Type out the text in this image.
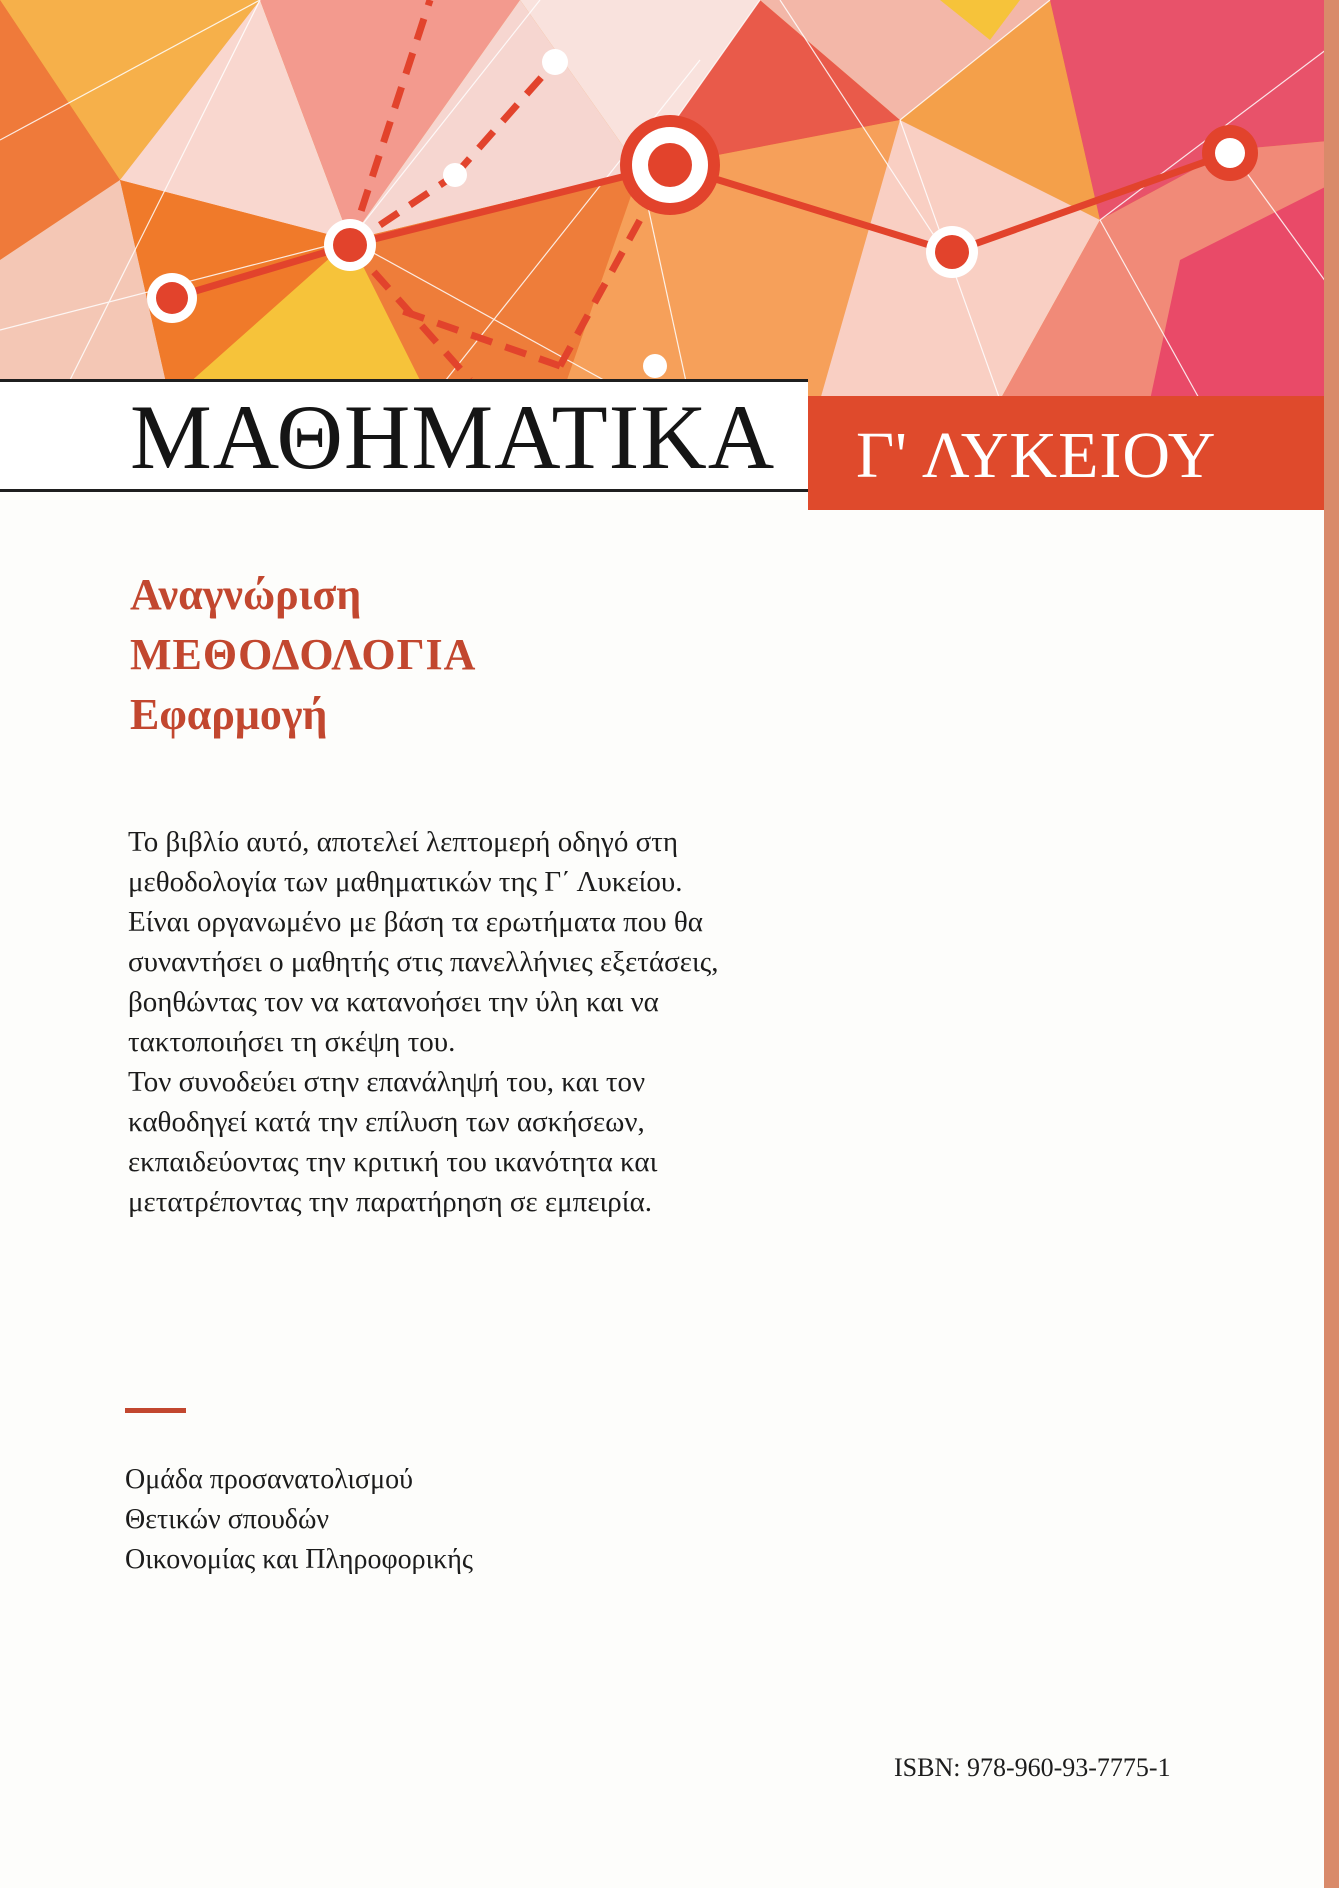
Γ' ΛΥΚΕΙΟΥ
ΜΑΘΗΜΑΤΙΚΑ
Αναγνώριση
ΜΕΘΟΔΟΛΟΓΙΑ
Εφαρμογή
Το βιβλίο αυτό, αποτελεί λεπτομερή οδηγό στη
μεθοδολογία των μαθηματικών της Γ΄ Λυκείου.
Είναι οργανωμένο με βάση τα ερωτήματα που θα
συναντήσει ο μαθητής στις πανελλήνιες εξετάσεις,
βοηθώντας τον να κατανοήσει την ύλη και να
τακτοποιήσει τη σκέψη του.
Τον συνοδεύει στην επανάληψή του, και τον
καθοδηγεί κατά την επίλυση των ασκήσεων,
εκπαιδεύοντας την κριτική του ικανότητα και
μετατρέποντας την παρατήρηση σε εμπειρία.
Ομάδα προσανατολισμού
Θετικών σπουδών
Οικονομίας και Πληροφορικής
ISBN: 978-960-93-7775-1
